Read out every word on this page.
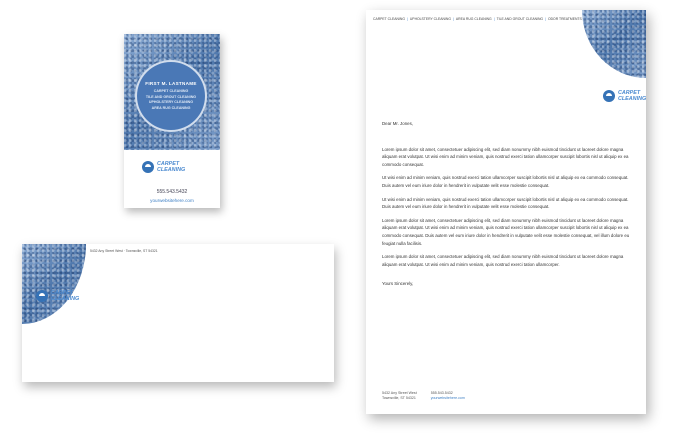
FIRST M. LASTNAME
CARPET CLEANING
TILE AND GROUT CLEANING
UPHOLSTERY CLEANING
AREA RUG CLEANING
CARPET
CLEANING
555.543.5432
yourwebsitehere.com
5432 Any Street West · Townsville, ST 54321
CARPET
CLEANING
CARPET CLEANING | UPHOLSTERY CLEANING | AREA RUG CLEANING | TILE AND GROUT CLEANING | ODOR TREATMENTS
CARPET
CLEANING

Dear Mr. Jones,

Lorem ipsum dolor sit amet, consectetuer adipiscing elit, sed diam nonummy nibh euismod tincidunt ut laoreet dolore magna aliquam erat volutpat. Ut wisi enim ad minim veniam, quis nostrud exerci tation ullamcorper suscipit lobortis nisl ut aliquip ex ea commodo consequat.

Ut wisi enim ad minim veniam, quis nostrud exerci tation ullamcorper suscipit lobortis nisl ut aliquip ex ea commodo consequat. Duis autem vel eum iriure dolor in hendrerit in vulputate velit esse molestie consequat.

Ut wisi enim ad minim veniam, quis nostrud exerci tation ullamcorper suscipit lobortis nisl ut aliquip ex ea commodo consequat. Duis autem vel eum iriure dolor in hendrerit in vulputate velit esse molestie consequat.

Lorem ipsum dolor sit amet, consectetuer adipiscing elit, sed diam nonummy nibh euismod tincidunt ut laoreet dolore magna aliquam erat volutpat. Ut wisi enim ad minim veniam, quis nostrud exerci tation ullamcorper suscipit lobortis nisl ut aliquip ex ea commodo consequat. Duis autem vel eum iriure dolor in hendrerit in vulputate velit esse molestie consequat, vel illum dolore eu feugiat nulla facilisis.

Lorem ipsum dolor sit amet, consectetuer adipiscing elit, sed diam nonummy nibh euismod tincidunt ut laoreet dolore magna aliquam erat volutpat. Ut wisi enim ad minim veniam, quis nostrud exerci tation ullamcorper.

Yours Sincerely,

5432 Any Street West
Townsville, ST 54321
555.543.5432
yourwebsitehere.com
